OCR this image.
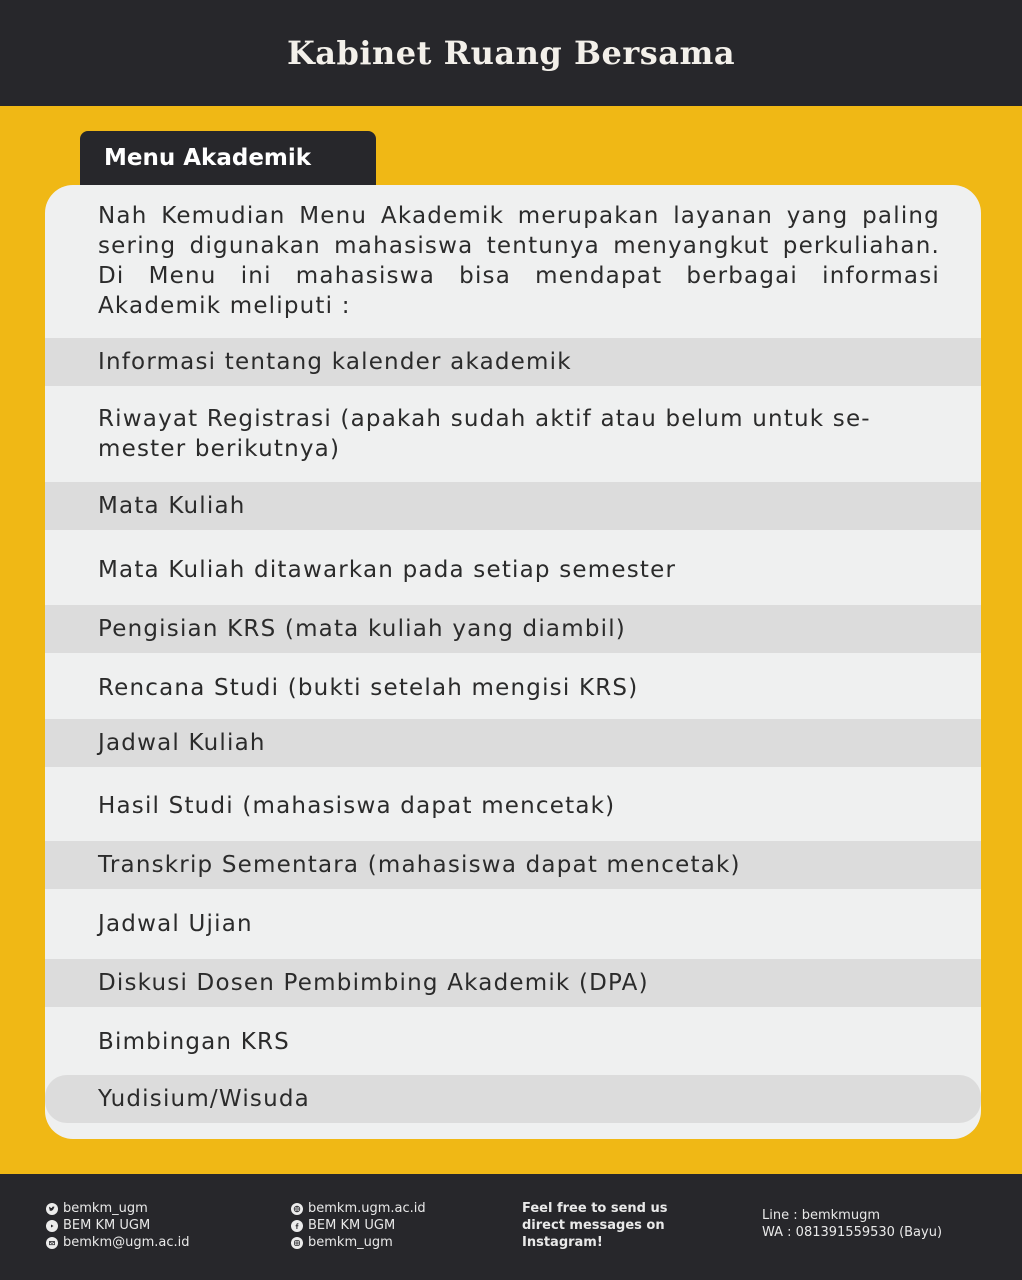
Kabinet Ruang Bersama
Menu Akademik

Nah Kemudian Menu Akademik merupakan layanan yang paling sering digunakan mahasiswa tentunya menyangkut perkuliahan. Di Menu ini mahasiswa bisa mendapat berbagai informasi Akademik meliputi :

Informasi tentang kalender akademik
Riwayat Registrasi (apakah sudah aktif atau belum untuk se-mester berikutnya)
Mata Kuliah
Mata Kuliah ditawarkan pada setiap semester
Pengisian KRS (mata kuliah yang diambil)
Rencana Studi (bukti setelah mengisi KRS)
Jadwal Kuliah
Hasil Studi (mahasiswa dapat mencetak)
Transkrip Sementara (mahasiswa dapat mencetak)
Jadwal Ujian
Diskusi Dosen Pembimbing Akademik (DPA)
Bimbingan KRS
Yudisium/Wisuda
bemkm_ugm
BEM KM UGM
bemkm@ugm.ac.id
bemkm.ugm.ac.id
BEM KM UGM
bemkm_ugm
Feel free to send us
direct messages on
Instagram!
Line : bemkmugm
WA : 081391559530 (Bayu)
